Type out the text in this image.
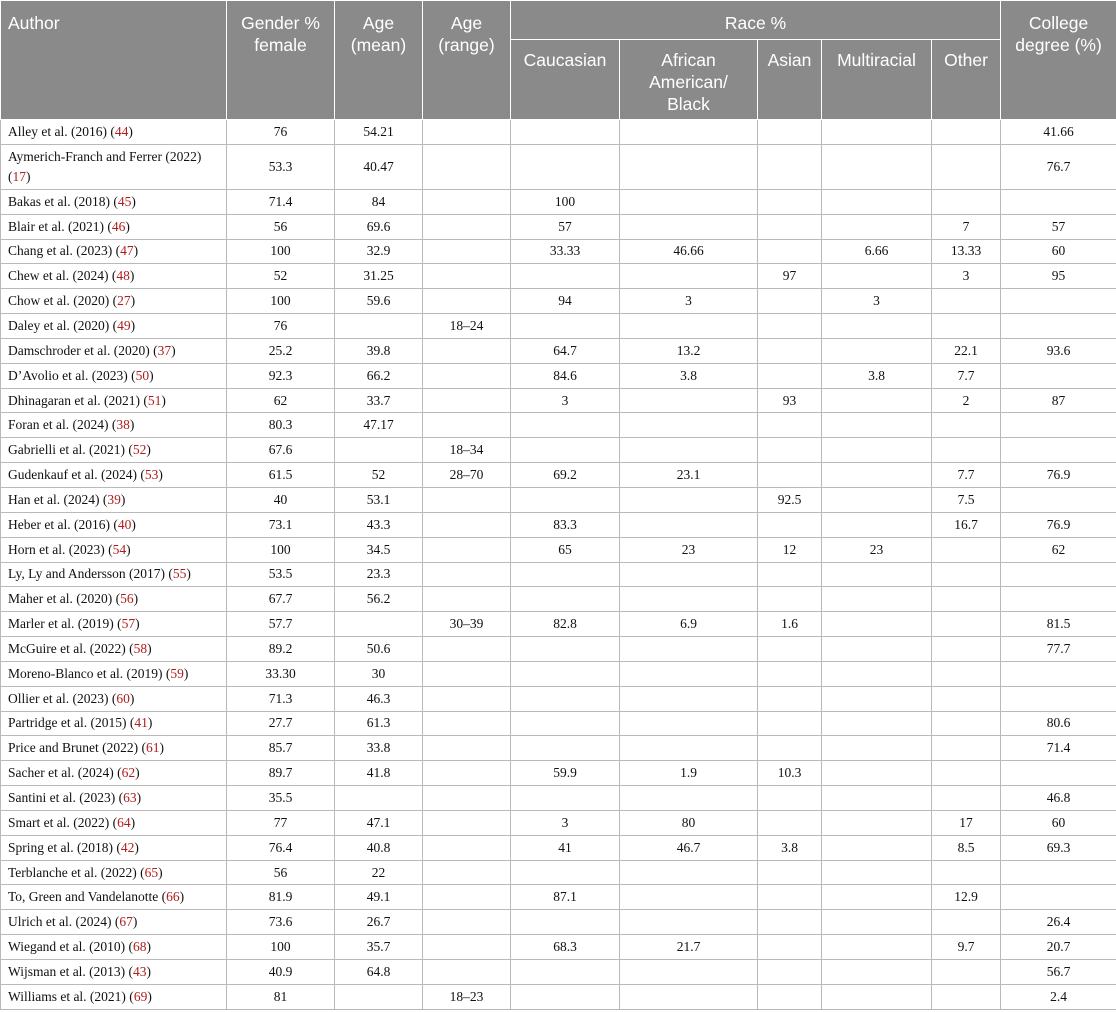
Author	Gender % female	Age (mean)	Age (range)	Race %					College degree (%)
				Caucasian	African American/ Black	Asian	Multiracial	Other	
Alley et al. (2016) (44)	76	54.21							41.66
Aymerich-Franch and Ferrer (2022) (17)	53.3	40.47							76.7
Bakas et al. (2018) (45)	71.4	84		100					
Blair et al. (2021) (46)	56	69.6		57				7	57
Chang et al. (2023) (47)	100	32.9		33.33	46.66		6.66	13.33	60
Chew et al. (2024) (48)	52	31.25				97		3	95
Chow et al. (2020) (27)	100	59.6		94	3		3		
Daley et al. (2020) (49)	76		18–24						
Damschroder et al. (2020) (37)	25.2	39.8		64.7	13.2			22.1	93.6
D’Avolio et al. (2023) (50)	92.3	66.2		84.6	3.8		3.8	7.7	
Dhinagaran et al. (2021) (51)	62	33.7		3		93		2	87
Foran et al. (2024) (38)	80.3	47.17							
Gabrielli et al. (2021) (52)	67.6		18–34						
Gudenkauf et al. (2024) (53)	61.5	52	28–70	69.2	23.1			7.7	76.9
Han et al. (2024) (39)	40	53.1				92.5		7.5	
Heber et al. (2016) (40)	73.1	43.3		83.3				16.7	76.9
Horn et al. (2023) (54)	100	34.5		65	23	12	23		62
Ly, Ly and Andersson (2017) (55)	53.5	23.3							
Maher et al. (2020) (56)	67.7	56.2							
Marler et al. (2019) (57)	57.7		30–39	82.8	6.9	1.6			81.5
McGuire et al. (2022) (58)	89.2	50.6							77.7
Moreno-Blanco et al. (2019) (59)	33.30	30							
Ollier et al. (2023) (60)	71.3	46.3							
Partridge et al. (2015) (41)	27.7	61.3							80.6
Price and Brunet (2022) (61)	85.7	33.8							71.4
Sacher et al. (2024) (62)	89.7	41.8		59.9	1.9	10.3			
Santini et al. (2023) (63)	35.5								46.8
Smart et al. (2022) (64)	77	47.1		3	80			17	60
Spring et al. (2018) (42)	76.4	40.8		41	46.7	3.8		8.5	69.3
Terblanche et al. (2022) (65)	56	22							
To, Green and Vandelanotte (66)	81.9	49.1		87.1				12.9	
Ulrich et al. (2024) (67)	73.6	26.7							26.4
Wiegand et al. (2010) (68)	100	35.7		68.3	21.7			9.7	20.7
Wijsman et al. (2013) (43)	40.9	64.8							56.7
Williams et al. (2021) (69)	81		18–23						2.4
